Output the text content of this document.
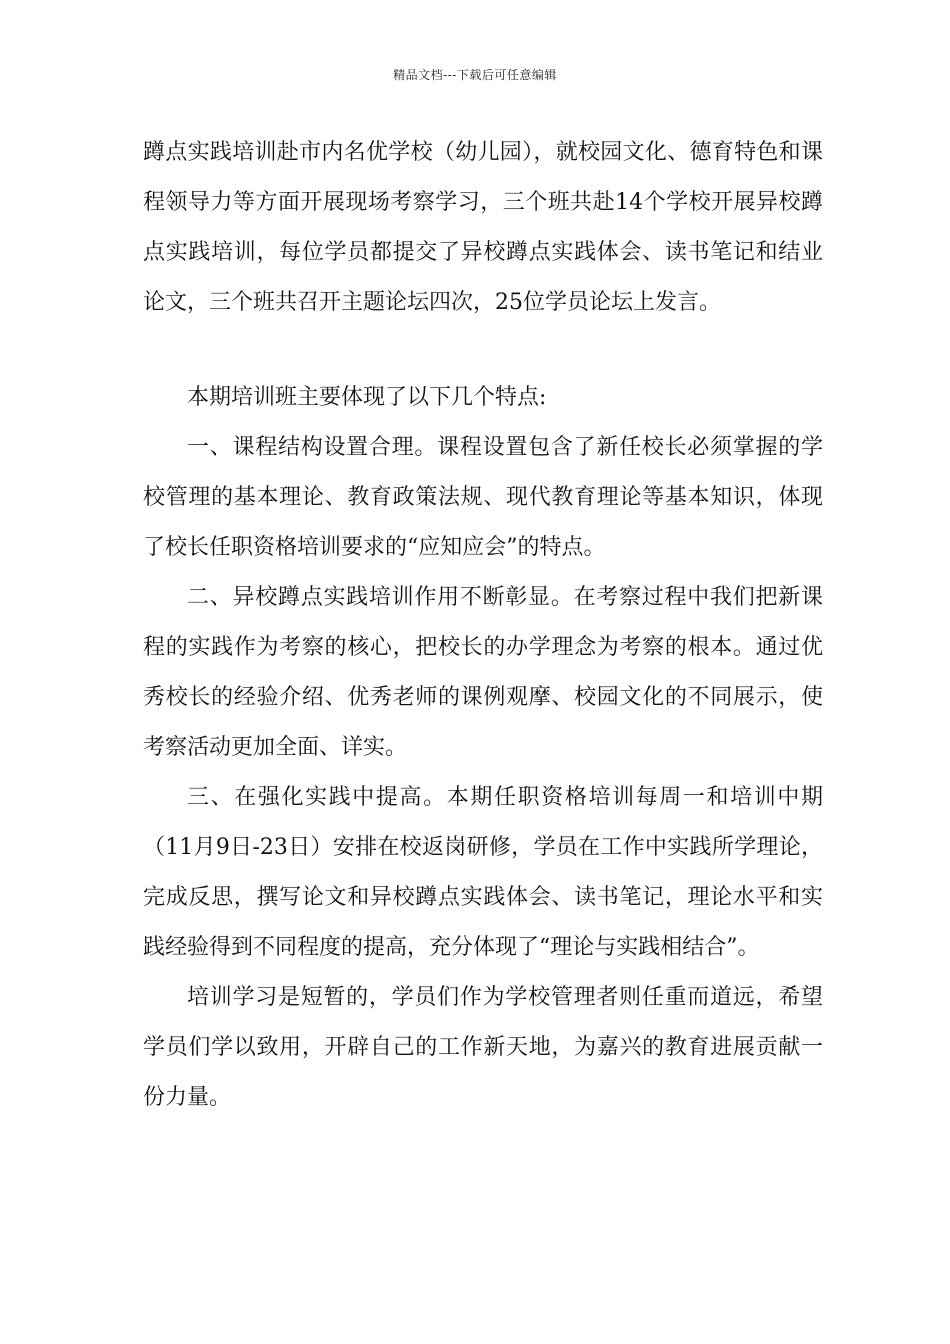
精品文档---下载后可任意编辑

蹲点实践培训赴市内名优学校（幼儿园），就校园文化、德育特色和课程领导力等方面开展现场考察学习，三个班共赴14个学校开展异校蹲点实践培训，每位学员都提交了异校蹲点实践体会、读书笔记和结业论文，三个班共召开主题论坛四次，25位学员论坛上发言。

本期培训班主要体现了以下几个特点:

一、课程结构设置合理。课程设置包含了新任校长必须掌握的学校管理的基本理论、教育政策法规、现代教育理论等基本知识，体现了校长任职资格培训要求的“应知应会”的特点。

二、异校蹲点实践培训作用不断彰显。在考察过程中我们把新课程的实践作为考察的核心，把校长的办学理念为考察的根本。通过优秀校长的经验介绍、优秀老师的课例观摩、校园文化的不同展示，使考察活动更加全面、详实。

三、在强化实践中提高。本期任职资格培训每周一和培训中期（11月9日-23日）安排在校返岗研修，学员在工作中实践所学理论，完成反思，撰写论文和异校蹲点实践体会、读书笔记，理论水平和实践经验得到不同程度的提高，充分体现了“理论与实践相结合”。

培训学习是短暂的，学员们作为学校管理者则任重而道远，希望学员们学以致用，开辟自己的工作新天地，为嘉兴的教育进展贡献一份力量。
